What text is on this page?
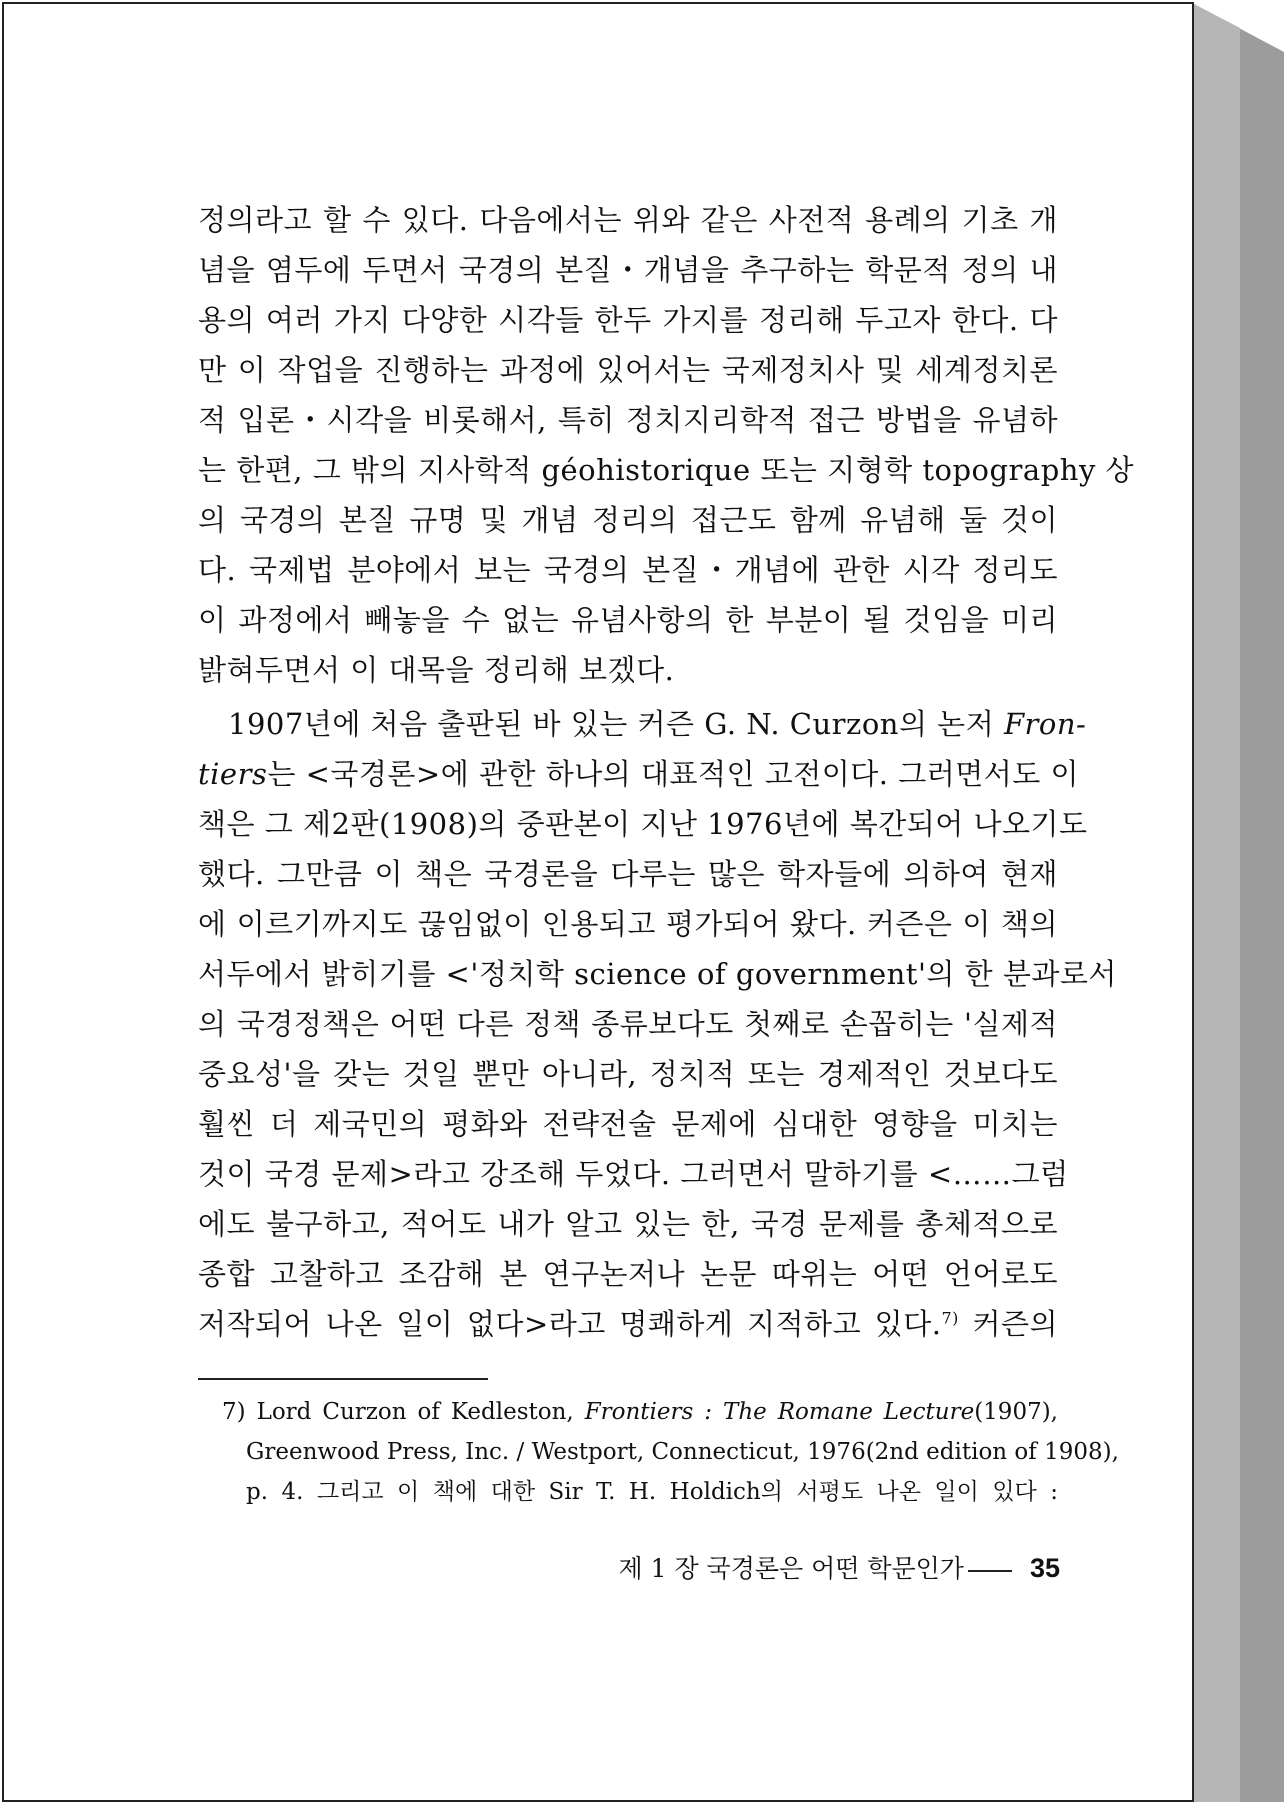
정의라고 할 수 있다. 다음에서는 위와 같은 사전적 용례의 기초 개
념을 염두에 두면서 국경의 본질・개념을 추구하는 학문적 정의 내
용의 여러 가지 다양한 시각들 한두 가지를 정리해 두고자 한다. 다
만 이 작업을 진행하는 과정에 있어서는 국제정치사 및 세계정치론
적 입론・시각을 비롯해서, 특히 정치지리학적 접근 방법을 유념하
는 한편, 그 밖의 지사학적 géohistorique 또는 지형학 topography 상
의 국경의 본질 규명 및 개념 정리의 접근도 함께 유념해 둘 것이
다. 국제법 분야에서 보는 국경의 본질・개념에 관한 시각 정리도
이 과정에서 빼놓을 수 없는 유념사항의 한 부분이 될 것임을 미리
밝혀두면서 이 대목을 정리해 보겠다.
1907년에 처음 출판된 바 있는 커즌 G. N. Curzon의 논저 Fron-
tiers는 <국경론>에 관한 하나의 대표적인 고전이다. 그러면서도 이
책은 그 제2판(1908)의 중판본이 지난 1976년에 복간되어 나오기도
했다. 그만큼 이 책은 국경론을 다루는 많은 학자들에 의하여 현재
에 이르기까지도 끊임없이 인용되고 평가되어 왔다. 커즌은 이 책의
서두에서 밝히기를 <'정치학 science of government'의 한 분과로서
의 국경정책은 어떤 다른 정책 종류보다도 첫째로 손꼽히는 '실제적
중요성'을 갖는 것일 뿐만 아니라, 정치적 또는 경제적인 것보다도
훨씬 더 제국민의 평화와 전략전술 문제에 심대한 영향을 미치는
것이 국경 문제>라고 강조해 두었다. 그러면서 말하기를 <……그럼
에도 불구하고, 적어도 내가 알고 있는 한, 국경 문제를 총체적으로
종합 고찰하고 조감해 본 연구논저나 논문 따위는 어떤 언어로도
저작되어 나온 일이 없다>라고 명쾌하게 지적하고 있다.$^{7)}$ 커즌의
7) Lord Curzon of Kedleston, Frontiers : The Romane Lecture(1907),
Greenwood Press, Inc. / Westport, Connecticut, 1976(2nd edition of 1908),
p. 4. 그리고 이 책에 대한 Sir T. H. Holdich의 서평도 나온 일이 있다 :
제 1 장 국경론은 어떤 학문인가 35
